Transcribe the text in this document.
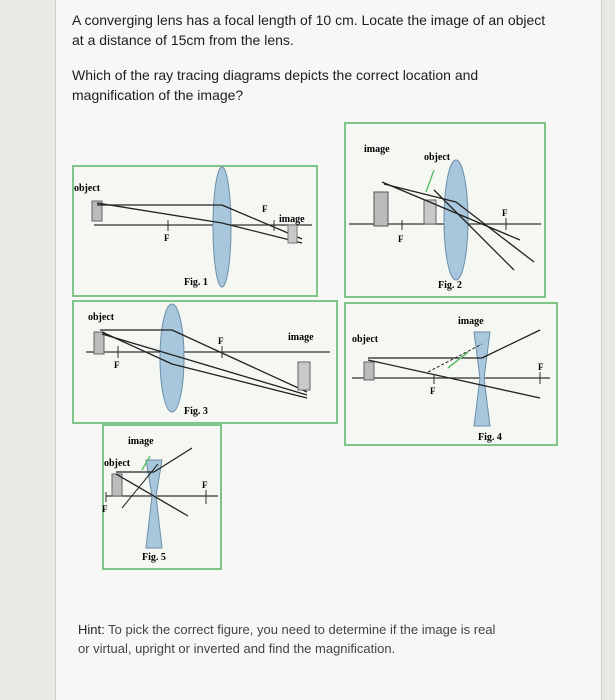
A converging lens has a focal length of 10 cm. Locate the image of an object
at a distance of 15cm from the lens.
Which of the ray tracing diagrams depicts the correct location and
magnification of the image?
object
image
F
F
Fig. 1
image
object
F
F
Fig. 2
object
image
F
F
Fig. 3
object
image
F
F
Fig. 4
image
object
F
F
Fig. 5
Hint: To pick the correct figure, you need to determine if the image is real
or virtual, upright or inverted and find the magnification.
